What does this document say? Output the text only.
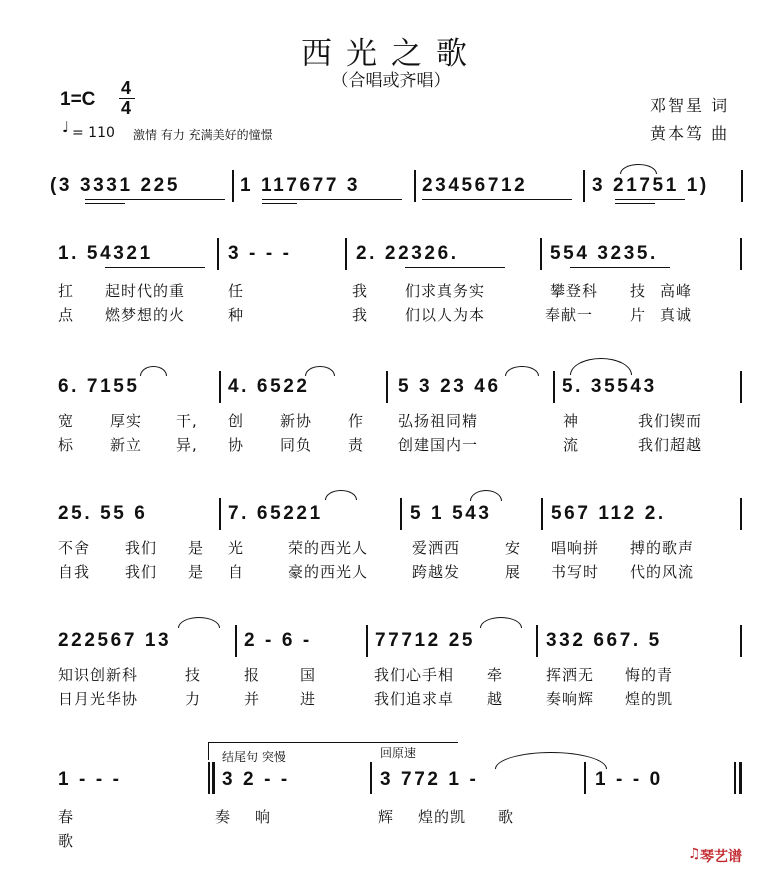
西光之歌
（合唱或齐唱）
1=C
4
4
♩ = 110 激情 有力 充满美好的憧憬
邓智星 词
黄本笃 曲
(3 3331 225	1 117677 3	23456712	3 21751 1)
1. 54321	3 - - -	2. 22326.	554 3235.
扛 起时代的重	任	我 们求真务实	攀登科 技 高峰
点 燃梦想的火	种	我 们以人为本	奉献一 片 真诚
6. 7155	4. 6522	5 3 23 46	5. 35543
宽 厚实 干, 创 新协 作 弘扬祖同精	神	我们锲而
标 新立 异, 协 同负 责 创建国内一	流	我们超越
25. 55 6	7. 65221	5 1 543	567 112 2.
不舍 我们 是 光	荣的西光人	爱洒西	安 唱响拼 搏的歌声
自我 我们 是 自	豪的西光人	跨越发	展 书写时 代的风流
222567 13	2 - 6 -	77712 25	332 667. 5
知识创新科	技	报	国	我们心手相 牵	挥洒无 悔的青
日月光华协	力	并	进	我们追求卓 越	奏响辉 煌的凯
结尾句 突慢	回原速
1 - - -	3 2 - -	3 772 1 -	1 - - 0
春	奏 响	辉 煌的凯 歌
歌
♫ 琴艺谱
